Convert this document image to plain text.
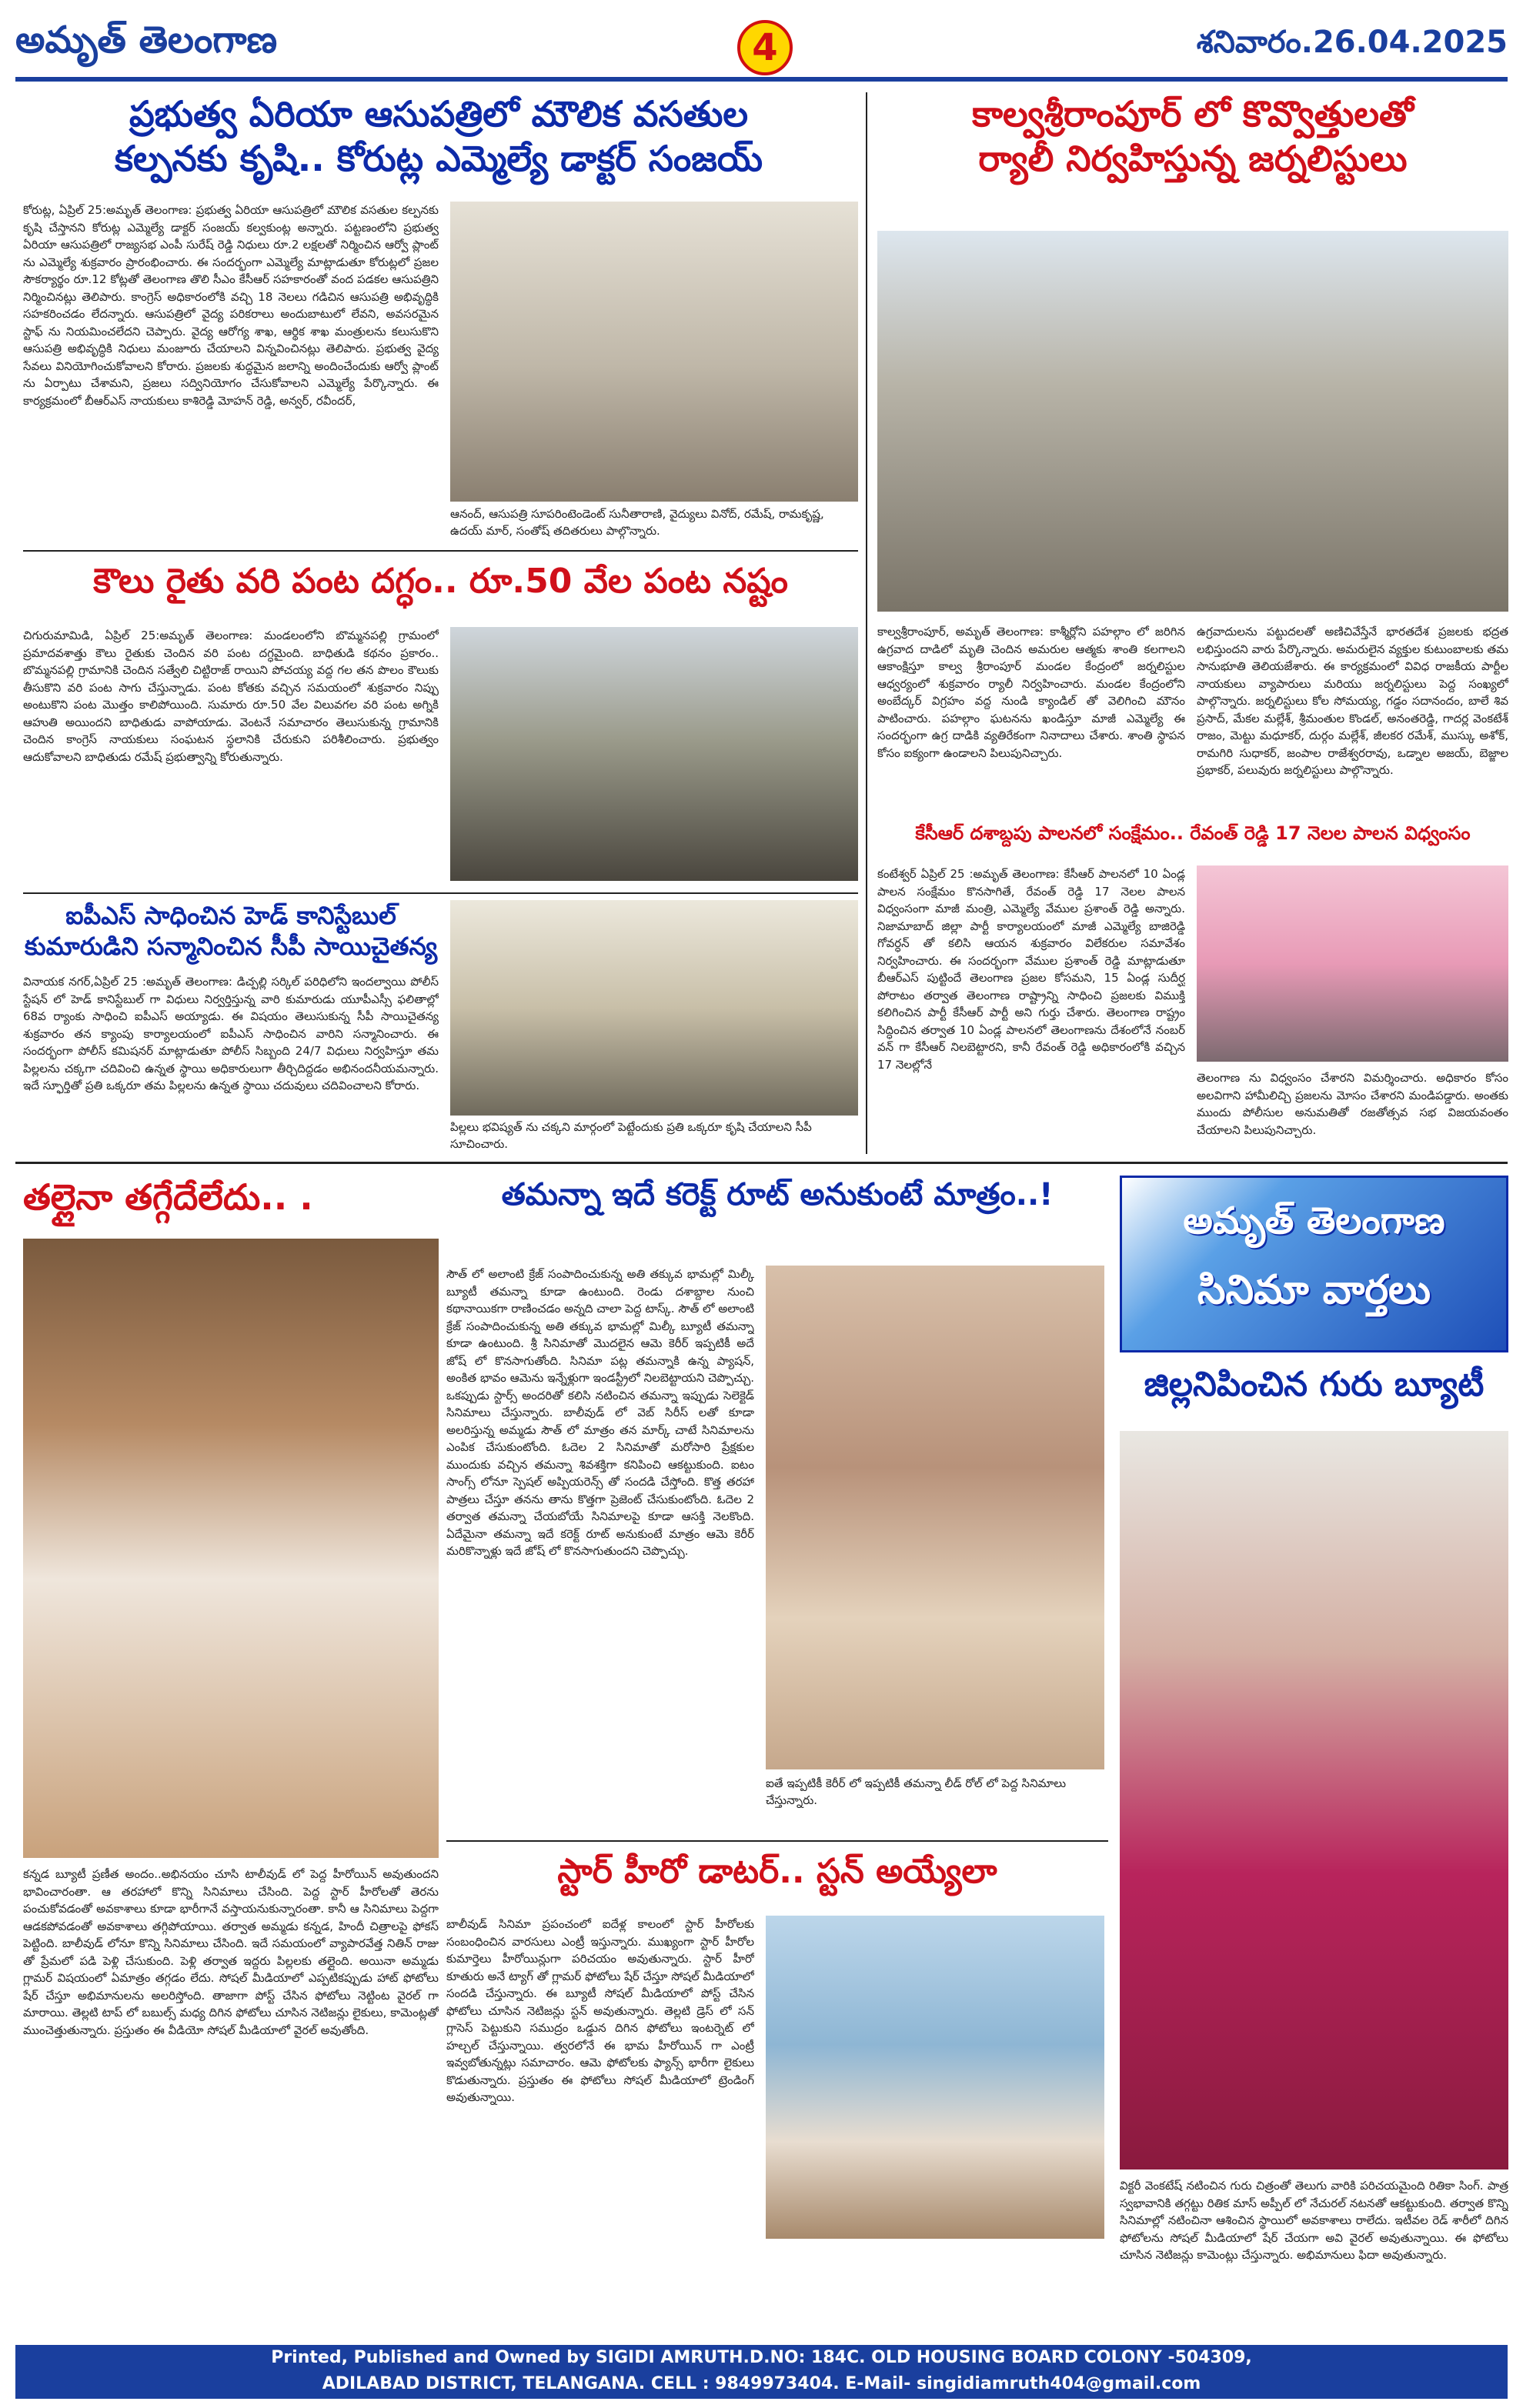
అమృత్ తెలంగాణ	4	శనివారం.26.04.2025
ప్రభుత్వ ఏరియా ఆసుపత్రిలో మౌలిక వసతుల
కల్పనకు కృషి.. కోరుట్ల ఎమ్మెల్యే డాక్టర్ సంజయ్
కోరుట్ల, ఏప్రిల్ 25:అమృత్ తెలంగాణ: ప్రభుత్వ ఏరియా ఆసుపత్రిలో మౌలిక వసతుల కల్పనకు కృషి చేస్తానని కోరుట్ల ఎమ్మెల్యే డాక్టర్ సంజయ్ కల్వకుంట్ల అన్నారు. పట్టణంలోని ప్రభుత్వ ఏరియా ఆసుపత్రిలో రాజ్యసభ ఎంపీ సురేష్ రెడ్డి నిధులు రూ.2 లక్షలతో నిర్మించిన ఆర్వో ప్లాంట్ ను ఎమ్మెల్యే శుక్రవారం ప్రారంభించారు. ఈ సందర్భంగా ఎమ్మెల్యే మాట్లాడుతూ కోరుట్లలో ప్రజల సౌకర్యార్థం రూ.12 కోట్లతో తెలంగాణ తొలి సీఎం కేసీఆర్ సహకారంతో వంద పడకల ఆసుపత్రిని నిర్మించినట్లు తెలిపారు. కాంగ్రెస్ అధికారంలోకి వచ్చి 18 నెలలు గడిచిన ఆసుపత్రి అభివృద్ధికి సహకరించడం లేదన్నారు. ఆసుపత్రిలో వైద్య పరికరాలు అందుబాటులో లేవని, అవసరమైన స్టాఫ్ ను నియమించలేదని చెప్పారు. వైద్య ఆరోగ్య శాఖ, ఆర్థిక శాఖ మంత్రులను కలుసుకొని ఆసుపత్రి అభివృద్ధికి నిధులు మంజూరు చేయాలని విన్నవించినట్లు తెలిపారు. ప్రభుత్వ వైద్య సేవలు వినియోగించుకోవాలని కోరారు. ప్రజలకు శుద్ధమైన జలాన్ని అందించేందుకు ఆర్వో ప్లాంట్ ను ఏర్పాటు చేశామని, ప్రజలు సద్వినియోగం చేసుకోవాలని ఎమ్మెల్యే పేర్కొన్నారు. ఈ కార్యక్రమంలో బీఆర్ఎస్ నాయకులు కాశిరెడ్డి మోహన్ రెడ్డి, అన్వర్, రవీందర్,
ఆనంద్, ఆసుపత్రి సూపరింటెండెంట్ సునీతారాణి, వైద్యులు వినోద్, రమేష్, రామకృష్ణ, ఉదయ్ మార్, సంతోష్ తదితరులు పాల్గొన్నారు.
కాల్వశ్రీరాంపూర్ లో కొవ్వొత్తులతో
ర్యాలీ నిర్వహిస్తున్న జర్నలిస్టులు
కాల్వశ్రీరాంపూర్, అమృత్ తెలంగాణ: కాశ్మీర్లోని పహల్గాం లో జరిగిన ఉగ్రవాద దాడిలో మృతి చెందిన అమరుల ఆత్మకు శాంతి కలగాలని ఆకాంక్షిస్తూ కాల్వ శ్రీరాంపూర్ మండల కేంద్రంలో జర్నలిస్టుల ఆధ్వర్యంలో శుక్రవారం ర్యాలీ నిర్వహించారు. మండల కేంద్రంలోని అంబేద్కర్ విగ్రహం వద్ద నుండి క్యాండిల్ తో వెలిగించి మౌనం పాటించారు. పహల్గాం ఘటనను ఖండిస్తూ మాజీ ఎమ్మెల్యే ఈ సందర్భంగా ఉగ్ర దాడికి వ్యతిరేకంగా నినాదాలు చేశారు. శాంతి స్థాపన కోసం ఐక్యంగా ఉండాలని పిలుపునిచ్చారు.
ఉగ్రవాదులను పట్టుదలతో అణిచివేస్తేనే భారతదేశ ప్రజలకు భద్రత లభిస్తుందని వారు పేర్కొన్నారు. అమరులైన వ్యక్తుల కుటుంబాలకు తమ సానుభూతి తెలియజేశారు. ఈ కార్యక్రమంలో వివిధ రాజకీయ పార్టీల నాయకులు వ్యాపారులు మరియు జర్నలిస్టులు పెద్ద సంఖ్యలో పాల్గొన్నారు. జర్నలిస్టులు కోల సోమయ్య, గడ్డం సదానందం, బాలే శివ ప్రసాద్, మేకల మల్లేశ్, శ్రీమంతుల కొండల్, అనంతరెడ్డి, గాదర్ల వెంకటేశ్ రాజం, మెట్టు మధూకర్, దుర్గం మల్లేశ్, జీలకర రమేశ్, ముస్కు అశోక్, రామగిరి సుధాకర్, జంపాల రాజేశ్వరరావు, ఒడ్నాల అజయ్, బెజ్జాల ప్రభాకర్, పలువురు జర్నలిస్టులు పాల్గొన్నారు.
కౌలు రైతు వరి పంట దగ్ధం.. రూ.50 వేల పంట నష్టం
చిగురుమామిడి, ఏప్రిల్ 25:అమృత్ తెలంగాణ: మండలంలోని బొమ్మనపల్లి గ్రామంలో ప్రమాదవశాత్తు కౌలు రైతుకు చెందిన వరి పంట దగ్ధమైంది. బాధితుడి కథనం ప్రకారం.. బొమ్మనపల్లి గ్రామానికి చెందిన సత్వేలి చిట్టిరాజ్ రాయిని పోచయ్య వద్ద గల తన పొలం కౌలుకు తీసుకొని వరి పంట సాగు చేస్తున్నాడు. పంట కోతకు వచ్చిన సమయంలో శుక్రవారం నిప్పు అంటుకొని పంట మొత్తం కాలిపోయింది. సుమారు రూ.50 వేల విలువగల వరి పంట అగ్నికి ఆహుతి అయిందని బాధితుడు వాపోయాడు. వెంటనే సమాచారం తెలుసుకున్న గ్రామానికి చెందిన కాంగ్రెస్ నాయకులు సంఘటన స్థలానికి చేరుకుని పరిశీలించారు. ప్రభుత్వం ఆదుకోవాలని బాధితుడు రమేష్ ప్రభుత్వాన్ని కోరుతున్నారు.
కేసీఆర్ దశాబ్దపు పాలనలో సంక్షేమం.. రేవంత్ రెడ్డి 17 నెలల పాలన విధ్వంసం
కంటేశ్వర్ ఏప్రిల్ 25 :అమృత్ తెలంగాణ: కేసీఆర్ పాలనలో 10 ఏండ్ల పాలన సంక్షేమం కొనసాగితే, రేవంత్ రెడ్డి 17 నెలల పాలన విధ్వంసంగా మాజీ మంత్రి, ఎమ్మెల్యే వేముల ప్రశాంత్ రెడ్డి అన్నారు. నిజామాబాద్ జిల్లా పార్టీ కార్యాలయంలో మాజీ ఎమ్మెల్యే బాజిరెడ్డి గోవర్ధన్ తో కలిసి ఆయన శుక్రవారం విలేకరుల సమావేశం నిర్వహించారు. ఈ సందర్భంగా వేముల ప్రశాంత్ రెడ్డి మాట్లాడుతూ బీఆర్ఎస్ పుట్టిందే తెలంగాణ ప్రజల కోసమని, 15 ఏండ్ల సుదీర్ఘ పోరాటం తర్వాత తెలంగాణ రాష్ట్రాన్ని సాధించి ప్రజలకు విముక్తి కలిగించిన పార్టీ కేసీఆర్ పార్టీ అని గుర్తు చేశారు. తెలంగాణ రాష్ట్రం సిద్ధించిన తర్వాత 10 ఏండ్ల పాలనలో తెలంగాణను దేశంలోనే నంబర్ వన్ గా కేసీఆర్ నిలబెట్టారని, కానీ రేవంత్ రెడ్డి అధికారంలోకి వచ్చిన 17 నెలల్లోనే
తెలంగాణ ను విధ్వంసం చేశారని విమర్శించారు. అధికారం కోసం అలవిగాని హామీలిచ్చి ప్రజలను మోసం చేశారని మండిపడ్డారు. అంతకు ముందు పోలీసుల అనుమతితో రజతోత్సవ సభ విజయవంతం చేయాలని పిలుపునిచ్చారు.
ఐపీఎస్ సాధించిన హెడ్ కానిస్టేబుల్
కుమారుడిని సన్మానించిన సీపీ సాయిచైతన్య
వినాయక నగర్,ఏప్రిల్ 25 :అమృత్ తెలంగాణ: డిచ్పల్లి సర్కిల్ పరిధిలోని ఇందల్వాయి పోలీస్ స్టేషన్ లో హెడ్ కానిస్టేబుల్ గా విధులు నిర్వర్తిస్తున్న వారి కుమారుడు యూపీఎస్సీ ఫలితాల్లో 68వ ర్యాంకు సాధించి ఐపీఎస్ అయ్యాడు. ఈ విషయం తెలుసుకున్న సీపీ సాయిచైతన్య శుక్రవారం తన క్యాంపు కార్యాలయంలో ఐపీఎస్ సాధించిన వారిని సన్మానించారు. ఈ సందర్భంగా పోలీస్ కమిషనర్ మాట్లాడుతూ పోలీస్ సిబ్బంది 24/7 విధులు నిర్వహిస్తూ తమ పిల్లలను చక్కగా చదివించి ఉన్నత స్థాయి అధికారులుగా తీర్చిదిద్దడం అభినందనీయమన్నారు. ఇదే స్ఫూర్తితో ప్రతి ఒక్కరూ తమ పిల్లలను ఉన్నత స్థాయి చదువులు చదివించాలని కోరారు.
పిల్లలు భవిష్యత్ ను చక్కని మార్గంలో పెట్టేందుకు ప్రతి ఒక్కరూ కృషి చేయాలని సీపీ సూచించారు.
తల్లైనా తగ్గేదేలేదు.. .
కన్నడ బ్యూటీ ప్రణీత అందం..అభినయం చూసి టాలీవుడ్ లో పెద్ద హీరోయిన్ అవుతుందని భావించారంతా. ఆ తరహాలో కొన్ని సినిమాలు చేసింది. పెద్ద స్టార్ హీరోలతో తెరను పంచుకోవడంతో అవకాశాలు కూడా భారీగానే వస్తాయనుకున్నారంతా. కానీ ఆ సినిమాలు పెద్దగా ఆడకపోవడంతో అవకాశాలు తగ్గిపోయాయి. తర్వాత అమ్మడు కన్నడ, హిందీ చిత్రాలపై ఫోకస్ పెట్టింది. బాలీవుడ్ లోనూ కొన్ని సినిమాలు చేసింది. ఇదే సమయంలో వ్యాపారవేత్త నితిన్ రాజు తో ప్రేమలో పడి పెళ్లి చేసుకుంది. పెళ్లి తర్వాత ఇద్దరు పిల్లలకు తల్లైంది. అయినా అమ్మడు గ్లామర్ విషయంలో ఏమాత్రం తగ్గడం లేదు. సోషల్ మీడియాలో ఎప్పటికప్పుడు హాట్ ఫోటోలు షేర్ చేస్తూ అభిమానులను అలరిస్తోంది. తాజాగా పోస్ట్ చేసిన ఫోటోలు నెట్టింట వైరల్ గా మారాయి. తెల్లటి టాప్ లో బబుల్స్ మధ్య దిగిన ఫోటోలు చూసిన నెటిజన్లు లైకులు, కామెంట్లతో ముంచెత్తుతున్నారు. ప్రస్తుతం ఈ వీడియో సోషల్ మీడియాలో వైరల్ అవుతోంది.
తమన్నా ఇదే కరెక్ట్ రూట్ అనుకుంటే మాత్రం..!
సౌత్ లో అలాంటి క్రేజ్ సంపాదించుకున్న అతి తక్కువ భామల్లో మిల్కీ బ్యూటీ తమన్నా కూడా ఉంటుంది. రెండు దశాబ్దాల నుంచి కథానాయికగా రాణించడం అన్నది చాలా పెద్ద టాస్క్. సౌత్ లో అలాంటి క్రేజ్ సంపాదించుకున్న అతి తక్కువ భామల్లో మిల్కీ బ్యూటీ తమన్నా కూడా ఉంటుంది. శ్రీ సినిమాతో మొదలైన ఆమె కెరీర్ ఇప్పటికీ అదే జోష్ లో కొనసాగుతోంది. సినిమా పట్ల తమన్నాకి ఉన్న ప్యాషన్, అంకిత భావం ఆమెను ఇన్నేళ్లుగా ఇండస్ట్రీలో నిలబెట్టాయని చెప్పొచ్చు. ఒకప్పుడు స్టార్స్ అందరితో కలిసి నటించిన తమన్నా ఇప్పుడు సెలెక్టెడ్ సినిమాలు చేస్తున్నారు. బాలీవుడ్ లో వెబ్ సిరీస్ లతో కూడా అలరిస్తున్న అమ్మడు సౌత్ లో మాత్రం తన మార్క్ చాటే సినిమాలను ఎంపిక చేసుకుంటోంది. ఓదెల 2 సినిమాతో మరోసారి ప్రేక్షకుల ముందుకు వచ్చిన తమన్నా శివశక్తిగా కనిపించి ఆకట్టుకుంది. ఐటం సాంగ్స్ లోనూ స్పెషల్ అప్పియరెన్స్ తో సందడి చేస్తోంది. కొత్త తరహా పాత్రలు చేస్తూ తనను తాను కొత్తగా ప్రెజెంట్ చేసుకుంటోంది. ఓదెల 2 తర్వాత తమన్నా చేయబోయే సినిమాలపై కూడా ఆసక్తి నెలకొంది. ఏదేమైనా తమన్నా ఇదే కరెక్ట్ రూట్ అనుకుంటే మాత్రం ఆమె కెరీర్ మరికొన్నాళ్లు ఇదే జోష్ లో కొనసాగుతుందని చెప్పొచ్చు.
ఐతే ఇప్పటికీ కెరీర్ లో ఇప్పటికీ తమన్నా లీడ్ రోల్ లో పెద్ద సినిమాలు చేస్తున్నారు.
అమృత్ తెలంగాణ
సినిమా వార్తలు
జిల్లనిపించిన గురు బ్యూటీ
విక్టరీ వెంకటేష్ నటించిన గురు చిత్రంతో తెలుగు వారికి పరిచయమైంది రితికా సింగ్. పాత్ర స్వభావానికి తగ్గట్టు రితిక మాస్ అప్పీల్ లో నేచురల్ నటనతో ఆకట్టుకుంది. తర్వాత కొన్ని సినిమాల్లో నటించినా ఆశించిన స్థాయిలో అవకాశాలు రాలేదు. ఇటీవల రెడ్ శారీలో దిగిన ఫోటోలను సోషల్ మీడియాలో షేర్ చేయగా అవి వైరల్ అవుతున్నాయి. ఈ ఫోటోలు చూసిన నెటిజన్లు కామెంట్లు చేస్తున్నారు. అభిమానులు ఫిదా అవుతున్నారు.
స్టార్ హీరో డాటర్.. స్టన్ అయ్యేలా
బాలీవుడ్ సినిమా ప్రపంచంలో ఐదేళ్ల కాలంలో స్టార్ హీరోలకు సంబంధించిన వారసులు ఎంట్రీ ఇస్తున్నారు. ముఖ్యంగా స్టార్ హీరోల కుమార్తెలు హీరోయిన్లుగా పరిచయం అవుతున్నారు. స్టార్ హీరో కూతురు అనే ట్యాగ్ తో గ్లామర్ ఫోటోలు షేర్ చేస్తూ సోషల్ మీడియాలో సందడి చేస్తున్నారు. ఈ బ్యూటీ సోషల్ మీడియాలో పోస్ట్ చేసిన ఫోటోలు చూసిన నెటిజన్లు స్టన్ అవుతున్నారు. తెల్లటి డ్రెస్ లో సన్ గ్లాసెస్ పెట్టుకుని సముద్రం ఒడ్డున దిగిన ఫోటోలు ఇంటర్నెట్ లో హల్చల్ చేస్తున్నాయి. త్వరలోనే ఈ భామ హీరోయిన్ గా ఎంట్రీ ఇవ్వబోతున్నట్లు సమాచారం. ఆమె ఫోటోలకు ఫ్యాన్స్ భారీగా లైకులు కొడుతున్నారు. ప్రస్తుతం ఈ ఫోటోలు సోషల్ మీడియాలో ట్రెండింగ్ అవుతున్నాయి.
Printed, Published and Owned by SIGIDI AMRUTH.D.NO: 184C. OLD HOUSING BOARD COLONY -504309,
ADILABAD DISTRICT, TELANGANA. CELL : 9849973404. E-Mail- singidiamruth404@gmail.com
